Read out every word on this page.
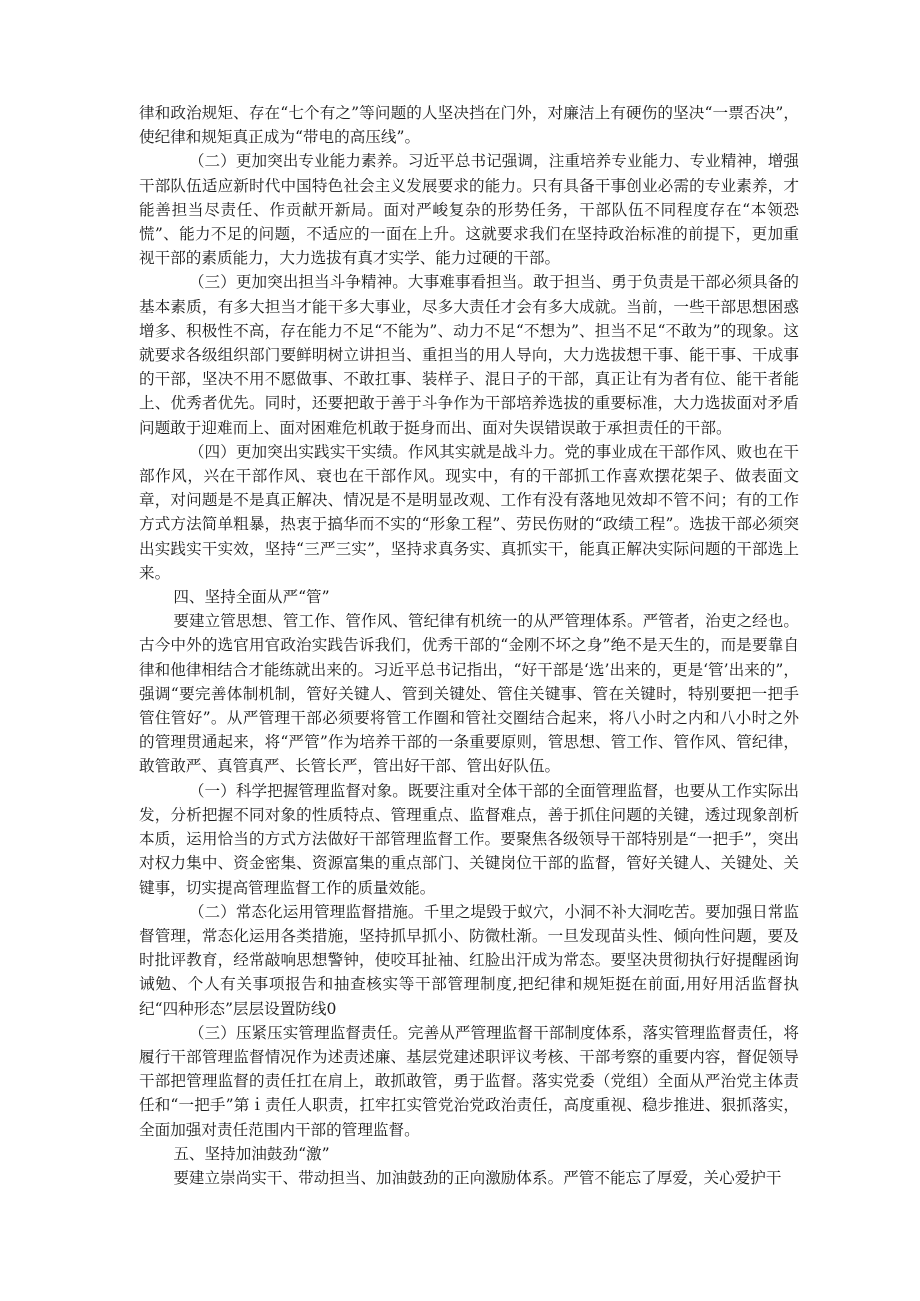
律和政治规矩、存在“七个有之”等问题的人坚决挡在门外，对廉洁上有硬伤的坚决“一票否决”，使纪律和规矩真正成为“带电的高压线”。

（二）更加突出专业能力素养。习近平总书记强调，注重培养专业能力、专业精神，增强干部队伍适应新时代中国特色社会主义发展要求的能力。只有具备干事创业必需的专业素养，才能善担当尽责任、作贡献开新局。面对严峻复杂的形势任务，干部队伍不同程度存在“本领恐慌”、能力不足的问题，不适应的一面在上升。这就要求我们在坚持政治标准的前提下，更加重视干部的素质能力，大力选拔有真才实学、能力过硬的干部。

（三）更加突出担当斗争精神。大事难事看担当。敢于担当、勇于负责是干部必须具备的基本素质，有多大担当才能干多大事业，尽多大责任才会有多大成就。当前，一些干部思想困惑增多、积极性不高，存在能力不足“不能为”、动力不足“不想为”、担当不足“不敢为”的现象。这就要求各级组织部门要鲜明树立讲担当、重担当的用人导向，大力选拔想干事、能干事、干成事的干部，坚决不用不愿做事、不敢扛事、装样子、混日子的干部，真正让有为者有位、能干者能上、优秀者优先。同时，还要把敢于善于斗争作为干部培养选拔的重要标准，大力选拔面对矛盾问题敢于迎难而上、面对困难危机敢于挺身而出、面对失误错误敢于承担责任的干部。

（四）更加突出实践实干实绩。作风其实就是战斗力。党的事业成在干部作风、败也在干部作风，兴在干部作风、衰也在干部作风。现实中，有的干部抓工作喜欢摆花架子、做表面文章，对问题是不是真正解决、情况是不是明显改观、工作有没有落地见效却不管不问；有的工作方式方法简单粗暴，热衷于搞华而不实的“形象工程”、劳民伤财的“政绩工程”。选拔干部必须突出实践实干实效，坚持“三严三实”，坚持求真务实、真抓实干，能真正解决实际问题的干部选上来。

四、坚持全面从严“管”

要建立管思想、管工作、管作风、管纪律有机统一的从严管理体系。严管者，治吏之经也。古今中外的选官用官政治实践告诉我们，优秀干部的“金刚不坏之身”绝不是天生的，而是要靠自律和他律相结合才能练就出来的。习近平总书记指出，“好干部是‘选’出来的，更是‘管’出来的”，强调“要完善体制机制，管好关键人、管到关键处、管住关键事、管在关键时，特别要把一把手管住管好”。从严管理干部必须要将管工作圈和管社交圈结合起来，将八小时之内和八小时之外的管理贯通起来，将“严管”作为培养干部的一条重要原则，管思想、管工作、管作风、管纪律，敢管敢严、真管真严、长管长严，管出好干部、管出好队伍。

（一）科学把握管理监督对象。既要注重对全体干部的全面管理监督，也要从工作实际出发，分析把握不同对象的性质特点、管理重点、监督难点，善于抓住问题的关键，透过现象剖析本质，运用恰当的方式方法做好干部管理监督工作。要聚焦各级领导干部特别是“一把手”，突出对权力集中、资金密集、资源富集的重点部门、关键岗位干部的监督，管好关键人、关键处、关键事，切实提高管理监督工作的质量效能。

（二）常态化运用管理监督措施。千里之堤毁于蚁穴，小洞不补大洞吃苦。要加强日常监督管理，常态化运用各类措施，坚持抓早抓小、防微杜渐。一旦发现苗头性、倾向性问题，要及时批评教育，经常敲响思想警钟，使咬耳扯袖、红脸出汗成为常态。要坚决贯彻执行好提醒函询诫勉、个人有关事项报告和抽查核实等干部管理制度,把纪律和规矩挺在前面,用好用活监督执纪“四种形态”层层设置防线0

（三）压紧压实管理监督责任。完善从严管理监督干部制度体系，落实管理监督责任，将履行干部管理监督情况作为述责述廉、基层党建述职评议考核、干部考察的重要内容，督促领导干部把管理监督的责任扛在肩上，敢抓敢管，勇于监督。落实党委（党组）全面从严治党主体责任和“一把手”第ｉ责任人职责，扛牢扛实管党治党政治责任，高度重视、稳步推进、狠抓落实，全面加强对责任范围内干部的管理监督。

五、坚持加油鼓劲“激”

要建立崇尚实干、带动担当、加油鼓劲的正向激励体系。严管不能忘了厚爱，关心爱护干
